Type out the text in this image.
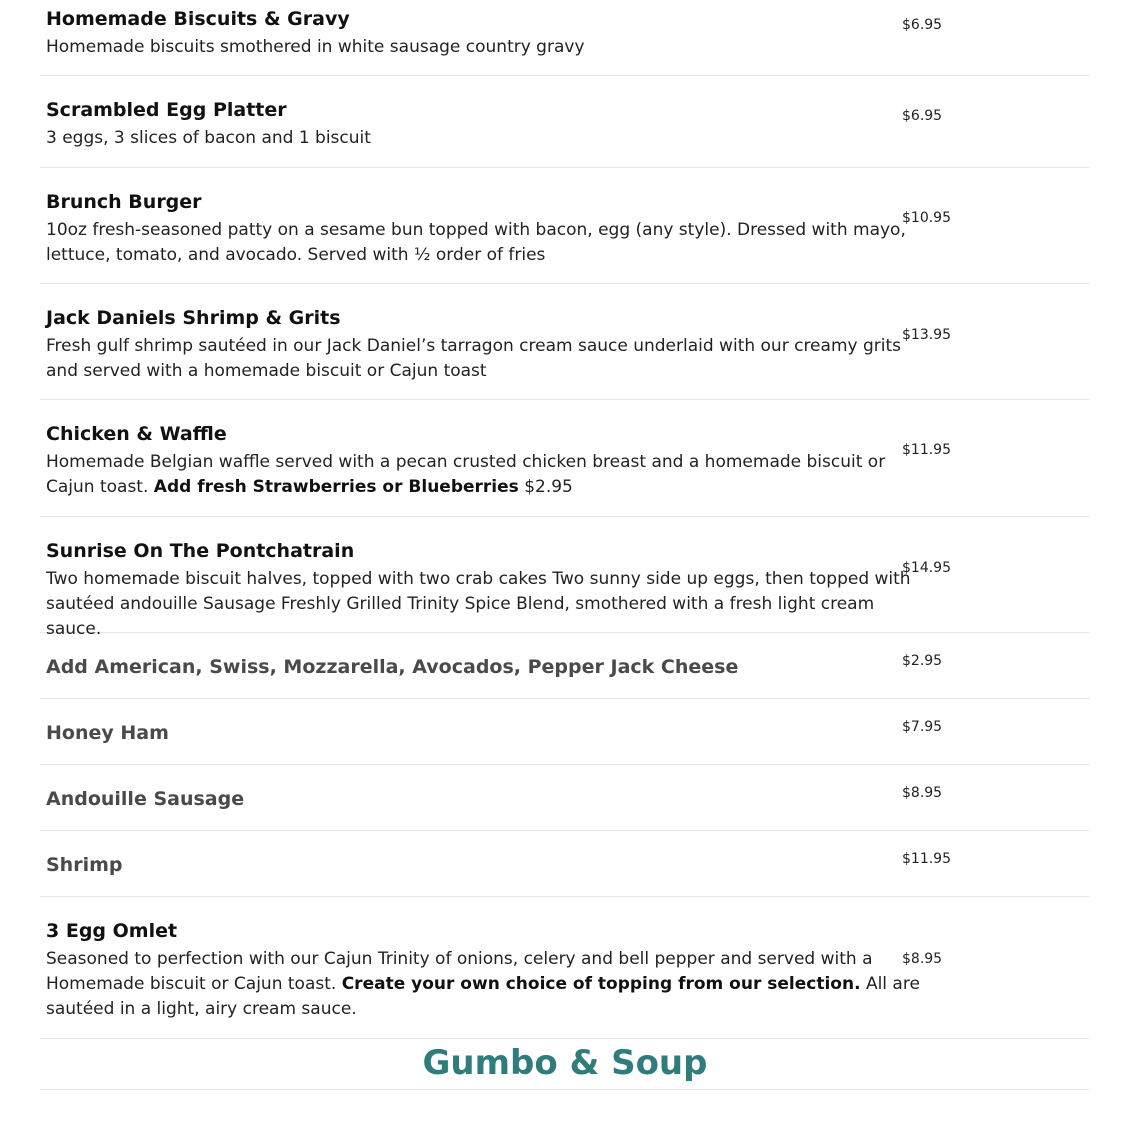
Homemade Biscuits & Gravy
Homemade biscuits smothered in white sausage country gravy
$6.95
Scrambled Egg Platter
3 eggs, 3 slices of bacon and 1 biscuit
$6.95
Brunch Burger
10oz fresh-seasoned patty on a sesame bun topped with bacon, egg (any style). Dressed with mayo, lettuce, tomato, and avocado. Served with ½ order of fries
$10.95
Jack Daniels Shrimp & Grits
Fresh gulf shrimp sautéed in our Jack Daniel’s tarragon cream sauce underlaid with our creamy grits and served with a homemade biscuit or Cajun toast
$13.95
Chicken & Waffle
Homemade Belgian waffle served with a pecan crusted chicken breast and a homemade biscuit or Cajun toast. Add fresh Strawberries or Blueberries $2.95
$11.95
Sunrise On The Pontchatrain
Two homemade biscuit halves, topped with two crab cakes Two sunny side up eggs, then topped with sautéed andouille Sausage Freshly Grilled Trinity Spice Blend, smothered with a fresh light cream sauce.
$14.95
Add American, Swiss, Mozzarella, Avocados, Pepper Jack Cheese	$2.95
Honey Ham	$7.95
Andouille Sausage	$8.95
Shrimp	$11.95
3 Egg Omlet
Seasoned to perfection with our Cajun Trinity of onions, celery and bell pepper and served with a Homemade biscuit or Cajun toast. Create your own choice of topping from our selection. All are sautéed in a light, airy cream sauce.
$8.95
Gumbo & Soup
